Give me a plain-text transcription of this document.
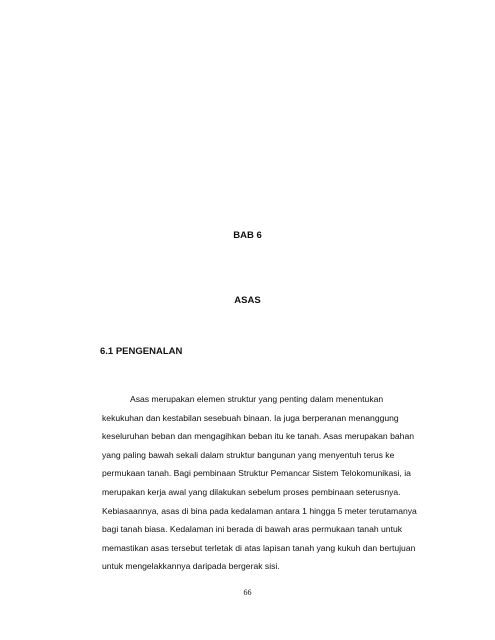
BAB 6
ASAS
6.1 PENGENALAN
Asas merupakan elemen struktur yang penting dalam menentukan
kekukuhan dan kestabilan sesebuah binaan. Ia juga berperanan menanggung
keseluruhan beban dan mengagihkan beban itu ke tanah. Asas merupakan bahan
yang paling bawah sekali dalam struktur bangunan yang menyentuh terus ke
permukaan tanah. Bagi pembinaan Struktur Pemancar Sistem Telokomunikasi, ia
merupakan kerja awal yang dilakukan sebelum proses pembinaan seterusnya.
Kebiasaannya, asas di bina pada kedalaman antara 1 hingga 5 meter terutamanya
bagi tanah biasa. Kedalaman ini berada di bawah aras permukaan tanah untuk
memastikan asas tersebut terletak di atas lapisan tanah yang kukuh dan bertujuan
untuk mengelakkannya daripada bergerak sisi.
66
